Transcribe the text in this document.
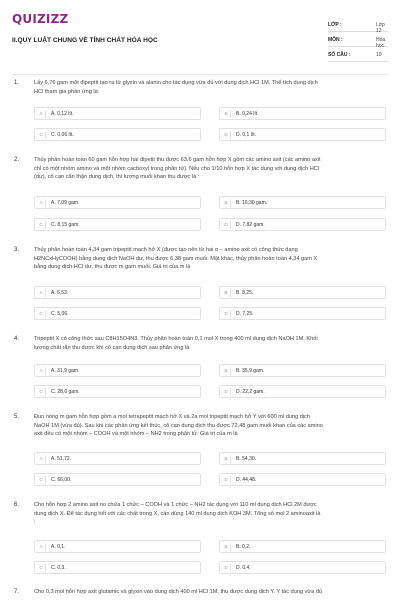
QUIZIZZ
II.QUY LUẬT CHUNG VỀ TÍNH CHẤT HÓA HỌC
LỚP :	Lớp 12
MÔN :	Hóa học
SỐ CÂU :	10
1.	Lấy 6,76 gam một đipeptit tạo ra từ glyxin và alanin cho tác dụng vừa đủ với dung dịch HCl 1M. Thể tích dung dịch
HCl tham gia phản ứng là:
A	A. 0,12 lít.	B	B. 0,24 lít.
C	C. 0,06 lít.	D	D. 0,1 lít.
2.	Thủy phân hoàn toàn 60 gam hỗn hợp hai đipetit thu được 63,6 gam hỗn hợp X gồm các amino axit (các amino axit
chỉ có một nhóm amino và một nhóm cacboxyl trong phân tử). Nếu cho 1/10 hỗn hợp X tác dụng với dung dịch HCl
(dư), cô cạn cẩn thận dung dịch, thì lượng muối khan thu được là :
A	A. 7,09 gam.	B	B. 16,30 gam.
C	C. 8,15 gam.	D	D. 7,82 gam.
3.	Thủy phân hoàn toàn 4,34 gam tripeptit mạch hở X (được tạo nên từ hai α – amino axit có công thức dạng
H2NCxHyCOOH) bằng dung dịch NaOH dư, thu được 6,38 gam muối. Mặt khác, thủy phân hoàn toàn 4,34 gam X
bằng dung dịch HCl dư, thu được m gam muối. Giá trị của m là
A	A. 6,53.	B	B. 8,25.
C	C. 5,06.	D	D. 7,25.
4.	Tripeptit X có công thức sau C8H15O4N3. Thủy phân hoàn toàn 0,1 mol X trong 400 ml dung dịch NaOH 1M. Khối
lượng chất rắn thu được khi cô cạn dung dịch sau phản ứng là
A	A. 31,9 gam.	B	B. 35,9 gam.
C	C. 28,6 gam.	D	D. 22,2 gam.
5.	Đun nóng m gam hỗn hợp gồm a mol tetrapeptit mạch hở X và 2a mol tripeptit mạch hở Y với 600 ml dung dịch
NaOH 1M (vừa đủ). Sau khi các phản ứng kết thúc, cô cạn dung dịch thu được 72,48 gam muối khan của các amino
axit đều có một nhóm – COOH và một nhóm – NH2 trong phân tử. Giá trị của m là
A	A. 51,72.	B	B. 54,30.
C	C. 66,00.	D	D. 44,48.
6.	Cho hỗn hợp 2 amino axit no chứa 1 chức – COOH và 1 chức – NH2 tác dụng với 110 ml dung dịch HCl 2M được
dung dịch X. Để tác dụng hết với các chất trong X, cần dùng 140 ml dung dịch KOH 3M. Tổng số mol 2 aminoaxit là
:
A	A. 0,1.	B	B. 0,2.
C	C. 0,3.	D	D. 0,4.
7.	Cho 0,3 mol hỗn hợp axit glutamic và glyxin vào dung dịch 400 ml HCl 1M, thu được dung dịch Y. Y tác dụng vừa đủ
